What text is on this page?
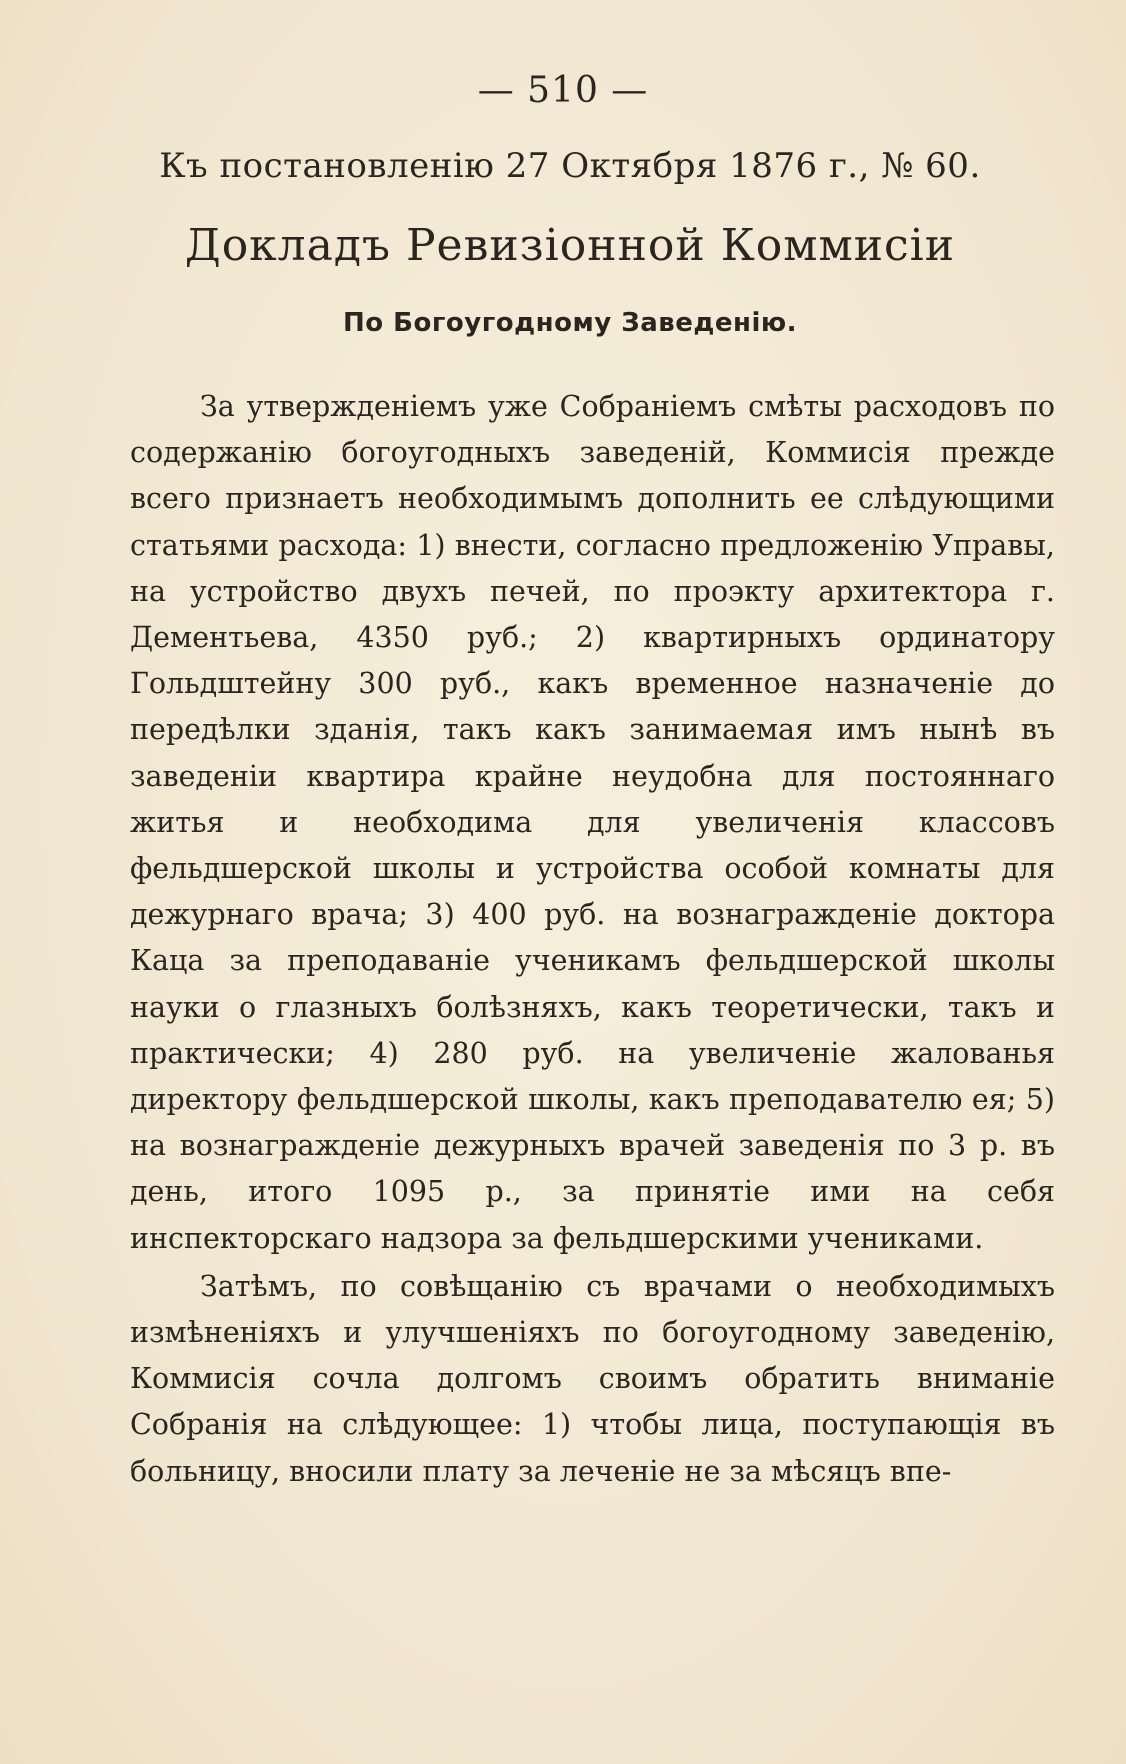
— 510 —
Къ постановленію 27 Октября 1876 г., № 60.
Докладъ Ревизіонной Коммисіи
По Богоугодному Заведенію.

За утвержденіемъ уже Собраніемъ смѣты расходовъ по содержанію богоугодныхъ заведеній, Коммисія прежде всего признаетъ необходимымъ дополнить ее слѣдующими статьями расхода: 1) внести, согласно предложенію Управы, на устройство двухъ печей, по проэкту архитектора г. Дементьева, 4350 руб.; 2) квартирныхъ ординатору Гольдштейну 300 руб., какъ временное назначеніе до передѣлки зданія, такъ какъ занимаемая имъ нынѣ въ заведеніи квартира крайне неудобна для постояннаго житья и необходима для увеличенія классовъ фельдшерской школы и устройства особой комнаты для дежурнаго врача; 3) 400 руб. на вознагражденіе доктора Каца за преподаваніе ученикамъ фельдшерской школы науки о глазныхъ болѣзняхъ, какъ теоретически, такъ и практически; 4) 280 руб. на увеличеніе жалованья директору фельдшерской школы, какъ преподавателю ея; 5) на вознагражденіе дежурныхъ врачей заведенія по 3 р. въ день, итого 1095 р., за принятіе ими на себя инспекторскаго надзора за фельдшерскими учениками.

Затѣмъ, по совѣщанію съ врачами о необходимыхъ измѣненіяхъ и улучшеніяхъ по богоугодному заведенію, Коммисія сочла долгомъ своимъ обратить вниманіе Собранія на слѣдующее: 1) чтобы лица, поступающія въ больницу, вносили плату за леченіе не за мѣсяцъ впе-
